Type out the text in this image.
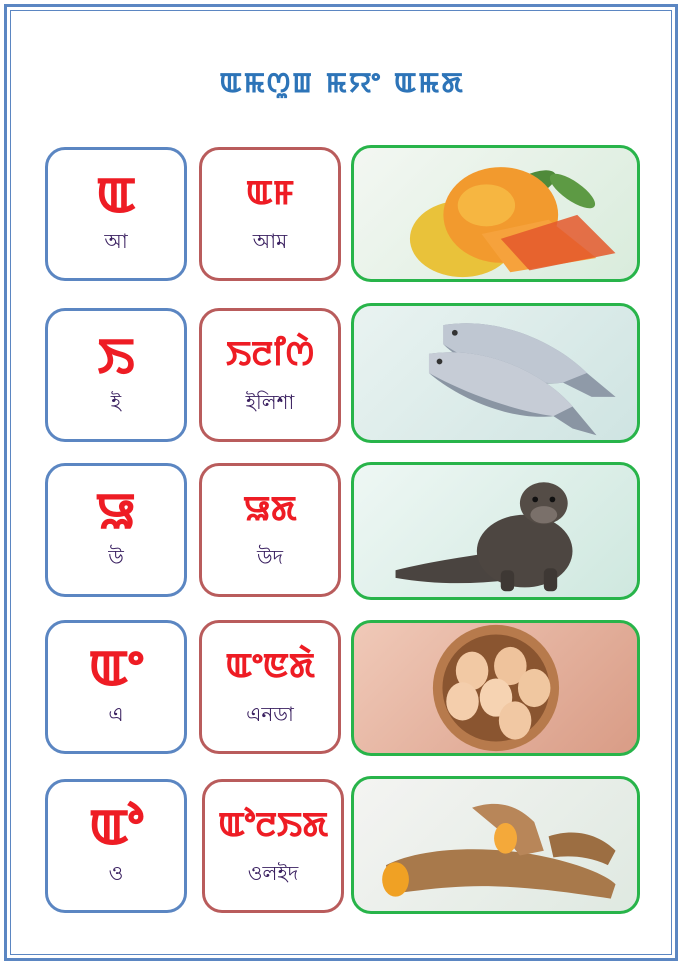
ꯑꯃꯁꯨꯡ ꯃꯌꯦ ꯑꯃꯗ
ꯑ
আ
ꯑꯝ
আম
ꯏ
ই
ꯏꯂꯤꯁꯥ
ইলিশা
ꯎ
উ
ꯎꯗ
উদ
ꯑꯦ
এ
ꯑꯦꯟꯗꯥ
এনডা
ꯑꯣ
ও
ꯑꯣꯂꯏꯗ
ওলইদ
